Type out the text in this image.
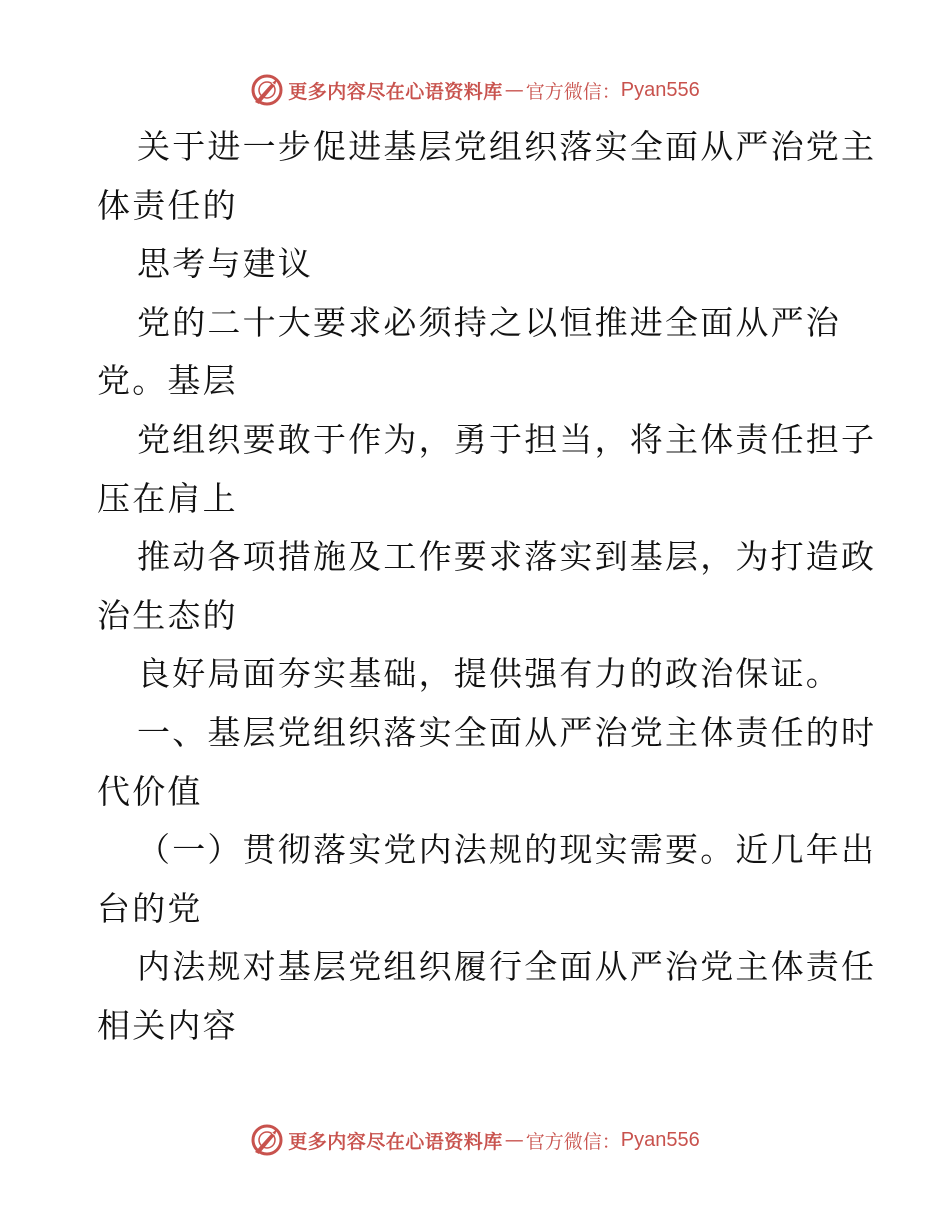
更多内容尽在心语资料库 — 官方微信： Pyan556
关于进一步促进基层党组织落实全面从严治党主
体责任的
思考与建议
党的二十大要求必须持之以恒推进全面从严治
党。基层
党组织要敢于作为，勇于担当，将主体责任担子
压在肩上
推动各项措施及工作要求落实到基层，为打造政
治生态的
良好局面夯实基础，提供强有力的政治保证。
一、基层党组织落实全面从严治党主体责任的时
代价值
（一）贯彻落实党内法规的现实需要。近几年出
台的党
内法规对基层党组织履行全面从严治党主体责任
相关内容
更多内容尽在心语资料库 — 官方微信： Pyan556
